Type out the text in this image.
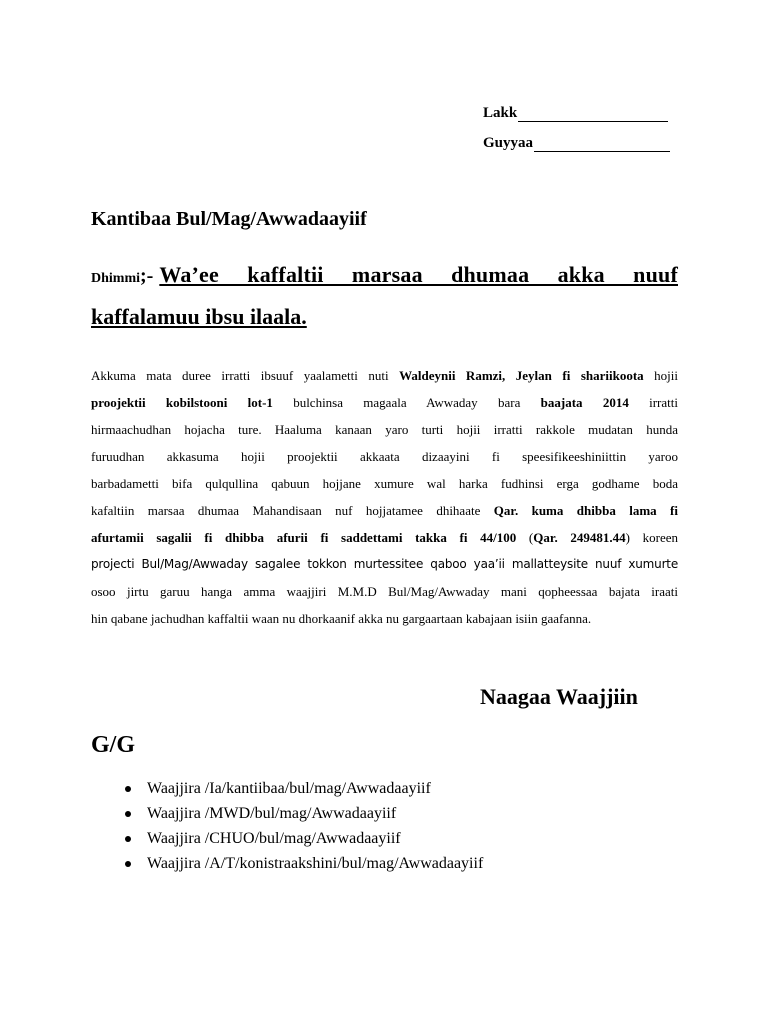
Lakk
Guyyaa
Kantibaa Bul/Mag/Awwadaayiif
Dhimmi;- Wa’ee kaffaltii marsaa dhumaa akka nuuf
kaffalamuu ibsu ilaala.
Akkuma mata duree irratti ibsuuf yaalametti nuti Waldeynii Ramzi, Jeylan fi shariikoota hojii
proojektii kobilstooni lot-1 bulchinsa magaala Awwaday bara baajata 2014 irratti
hirmaachudhan hojacha ture. Haaluma kanaan yaro turti hojii irratti rakkole mudatan hunda
furuudhan akkasuma hojii proojektii akkaata dizaayini fi speesifikeeshiniittin yaroo
barbadametti bifa qulqullina qabuun hojjane xumure wal harka fudhinsi erga godhame boda
kafaltiin marsaa dhumaa Mahandisaan nuf hojjatamee dhihaate Qar. kuma dhibba lama fi
afurtamii sagalii fi dhibba afurii fi saddettami takka fi 44/100 (Qar. 249481.44) koreen
projecti Bul/Mag/Awwaday sagalee tokkon murtessitee qaboo yaa’ii mallatteysite nuuf xumurte
osoo jirtu garuu hanga amma waajjiri M.M.D Bul/Mag/Awwaday mani qopheessaa bajata iraati
hin qabane jachudhan kaffaltii waan nu dhorkaanif akka nu gargaartaan kabajaan isiin gaafanna.
Naagaa Waajjiin
G/G
Waajjira /Ia/kantiibaa/bul/mag/Awwadaayiif
Waajjira /MWD/bul/mag/Awwadaayiif
Waajjira /CHUO/bul/mag/Awwadaayiif
Waajjira /A/T/konistraakshini/bul/mag/Awwadaayiif
